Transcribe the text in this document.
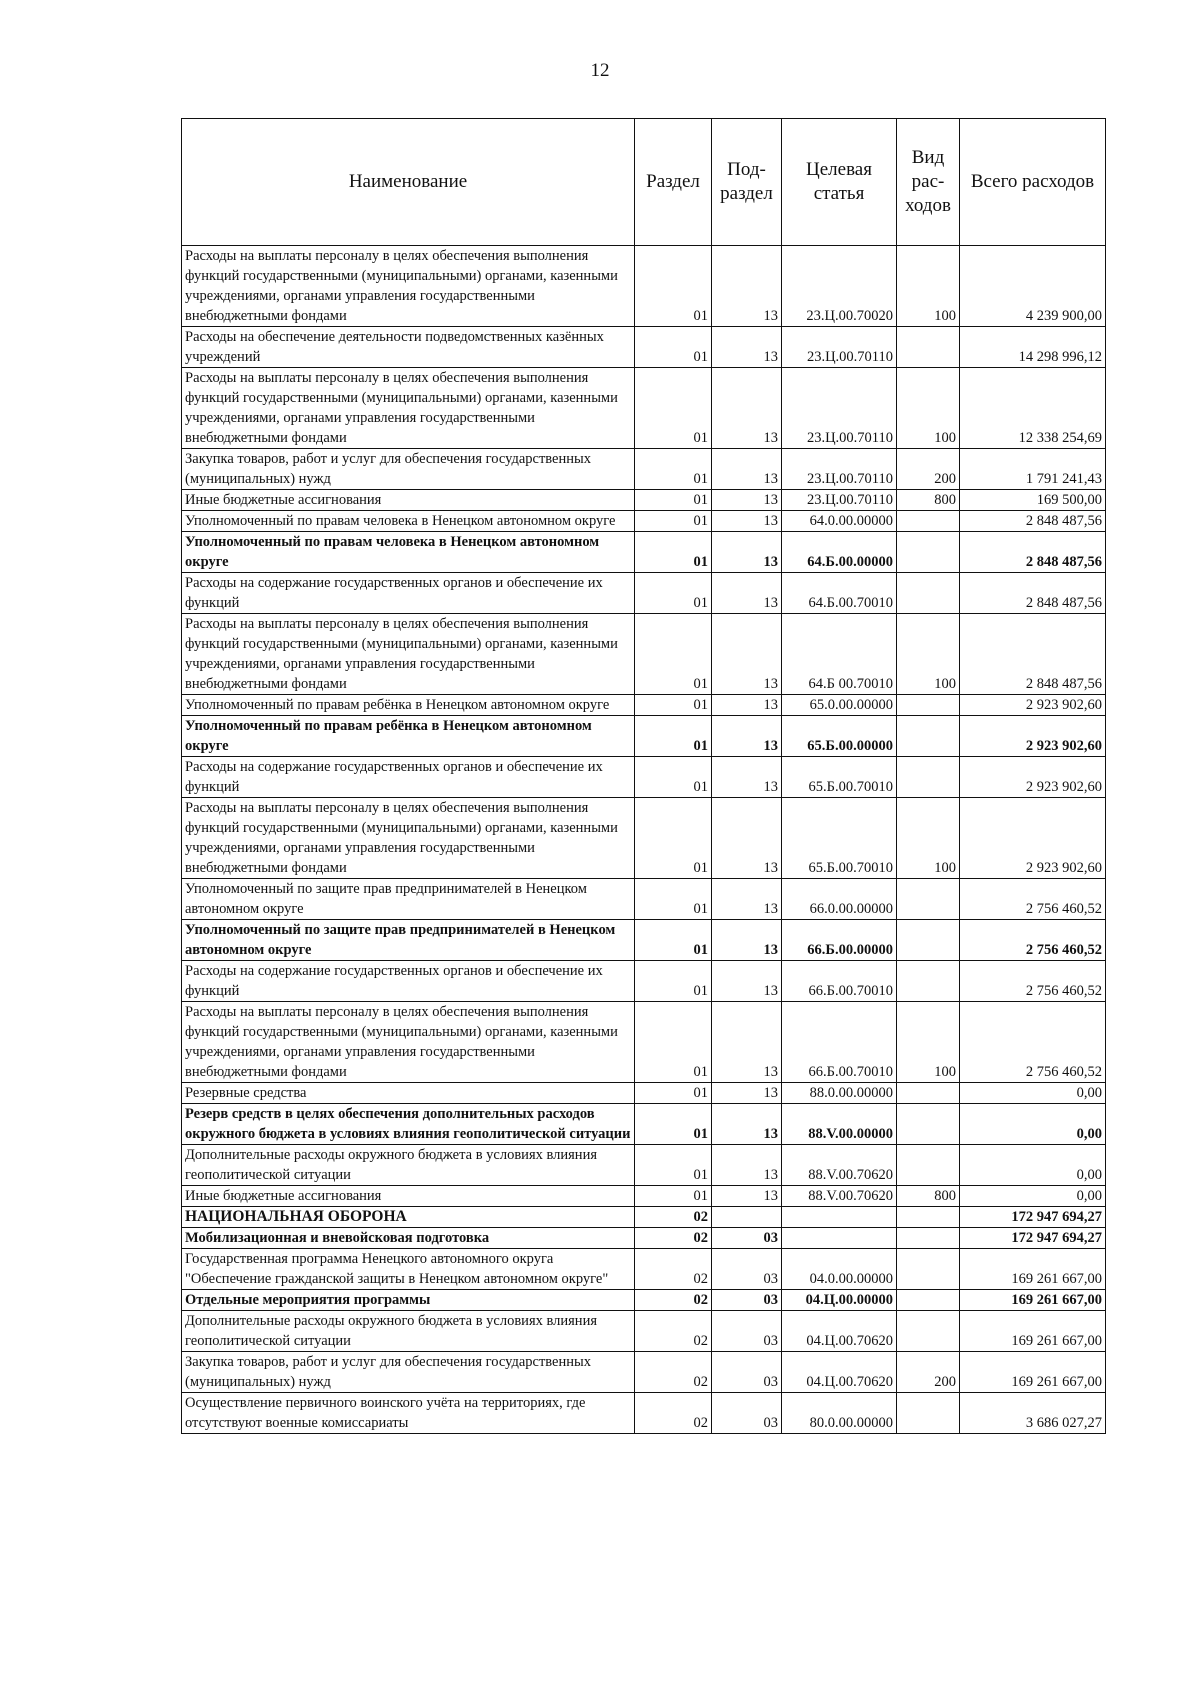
12
Наименование	Раздел	Под-раздел	Целевая статья	Вид рас-ходов	Всего расходов
Расходы на выплаты персоналу в целях обеспечения выполнения функций государственными (муниципальными) органами, казенными учреждениями, органами управления государственными внебюджетными фондами	01	13	23.Ц.00.70020	100	4 239 900,00
Расходы на обеспечение деятельности подведомственных казённых учреждений	01	13	23.Ц.00.70110		14 298 996,12
Расходы на выплаты персоналу в целях обеспечения выполнения функций государственными (муниципальными) органами, казенными учреждениями, органами управления государственными внебюджетными фондами	01	13	23.Ц.00.70110	100	12 338 254,69
Закупка товаров, работ и услуг для обеспечения государственных (муниципальных) нужд	01	13	23.Ц.00.70110	200	1 791 241,43
Иные бюджетные ассигнования	01	13	23.Ц.00.70110	800	169 500,00
Уполномоченный по правам человека в Ненецком автономном округе	01	13	64.0.00.00000		2 848 487,56
Уполномоченный по правам человека в Ненецком автономном округе	01	13	64.Б.00.00000		2 848 487,56
Расходы на содержание государственных органов и обеспечение их функций	01	13	64.Б.00.70010		2 848 487,56
Расходы на выплаты персоналу в целях обеспечения выполнения функций государственными (муниципальными) органами, казенными учреждениями, органами управления государственными внебюджетными фондами	01	13	64.Б 00.70010	100	2 848 487,56
Уполномоченный по правам ребёнка в Ненецком автономном округе	01	13	65.0.00.00000		2 923 902,60
Уполномоченный по правам ребёнка в Ненецком автономном округе	01	13	65.Б.00.00000		2 923 902,60
Расходы на содержание государственных органов и обеспечение их функций	01	13	65.Б.00.70010		2 923 902,60
Расходы на выплаты персоналу в целях обеспечения выполнения функций государственными (муниципальными) органами, казенными учреждениями, органами управления государственными внебюджетными фондами	01	13	65.Б.00.70010	100	2 923 902,60
Уполномоченный по защите прав предпринимателей в Ненецком автономном округе	01	13	66.0.00.00000		2 756 460,52
Уполномоченный по защите прав предпринимателей в Ненецком автономном округе	01	13	66.Б.00.00000		2 756 460,52
Расходы на содержание государственных органов и обеспечение их функций	01	13	66.Б.00.70010		2 756 460,52
Расходы на выплаты персоналу в целях обеспечения выполнения функций государственными (муниципальными) органами, казенными учреждениями, органами управления государственными внебюджетными фондами	01	13	66.Б.00.70010	100	2 756 460,52
Резервные средства	01	13	88.0.00.00000		0,00
Резерв средств в целях обеспечения дополнительных расходов окружного бюджета в условиях влияния геополитической ситуации	01	13	88.V.00.00000		0,00
Дополнительные расходы окружного бюджета в условиях влияния геополитической ситуации	01	13	88.V.00.70620		0,00
Иные бюджетные ассигнования	01	13	88.V.00.70620	800	0,00
НАЦИОНАЛЬНАЯ ОБОРОНА	02				172 947 694,27
Мобилизационная и вневойсковая подготовка	02	03			172 947 694,27
Государственная программа Ненецкого автономного округа "Обеспечение гражданской защиты в Ненецком автономном округе"	02	03	04.0.00.00000		169 261 667,00
Отдельные мероприятия программы	02	03	04.Ц.00.00000		169 261 667,00
Дополнительные расходы окружного бюджета в условиях влияния геополитической ситуации	02	03	04.Ц.00.70620		169 261 667,00
Закупка товаров, работ и услуг для обеспечения государственных (муниципальных) нужд	02	03	04.Ц.00.70620	200	169 261 667,00
Осуществление первичного воинского учёта на территориях, где отсутствуют военные комиссариаты	02	03	80.0.00.00000		3 686 027,27
